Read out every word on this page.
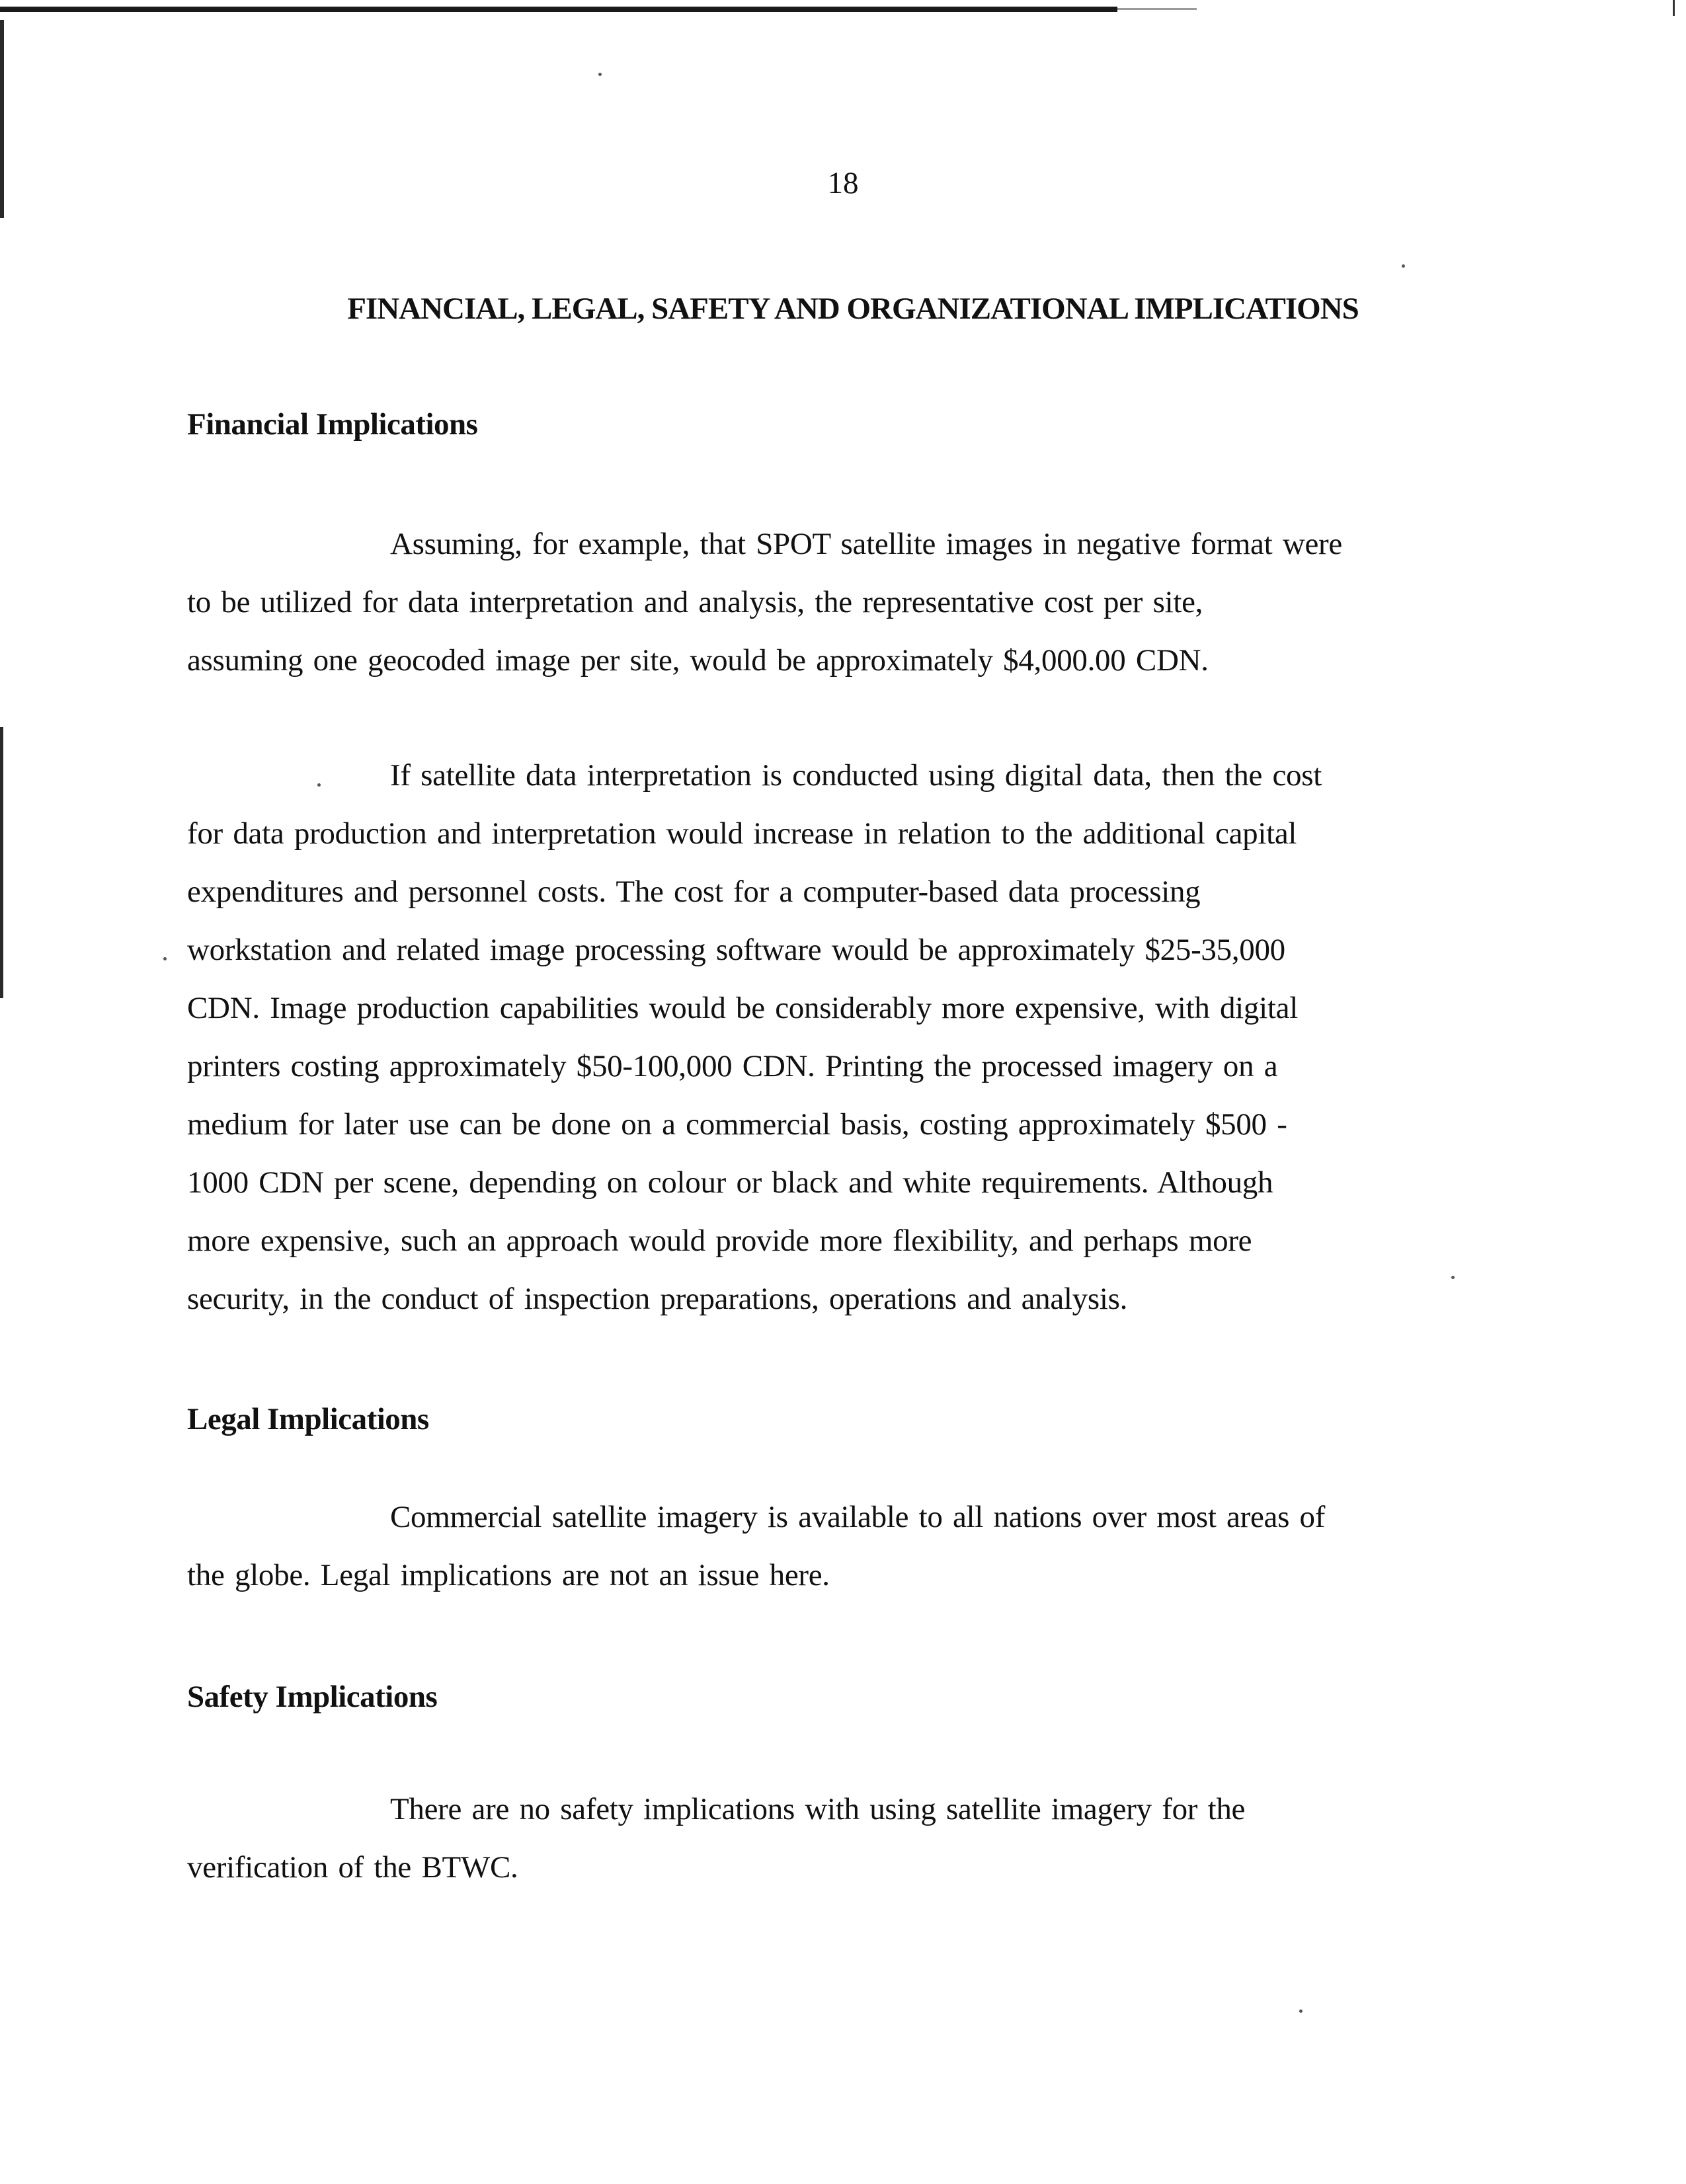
18
FINANCIAL, LEGAL, SAFETY AND ORGANIZATIONAL IMPLICATIONS
Financial Implications
Assuming, for example, that SPOT satellite images in negative format were
to be utilized for data interpretation and analysis, the representative cost per site,
assuming one geocoded image per site, would be approximately $4,000.00 CDN.
If satellite data interpretation is conducted using digital data, then the cost
for data production and interpretation would increase in relation to the additional capital
expenditures and personnel costs. The cost for a computer-based data processing
workstation and related image processing software would be approximately $25-35,000
CDN. Image production capabilities would be considerably more expensive, with digital
printers costing approximately $50-100,000 CDN. Printing the processed imagery on a
medium for later use can be done on a commercial basis, costing approximately $500 -
1000 CDN per scene, depending on colour or black and white requirements. Although
more expensive, such an approach would provide more flexibility, and perhaps more
security, in the conduct of inspection preparations, operations and analysis.
Legal Implications
Commercial satellite imagery is available to all nations over most areas of
the globe. Legal implications are not an issue here.
Safety Implications
There are no safety implications with using satellite imagery for the
verification of the BTWC.
